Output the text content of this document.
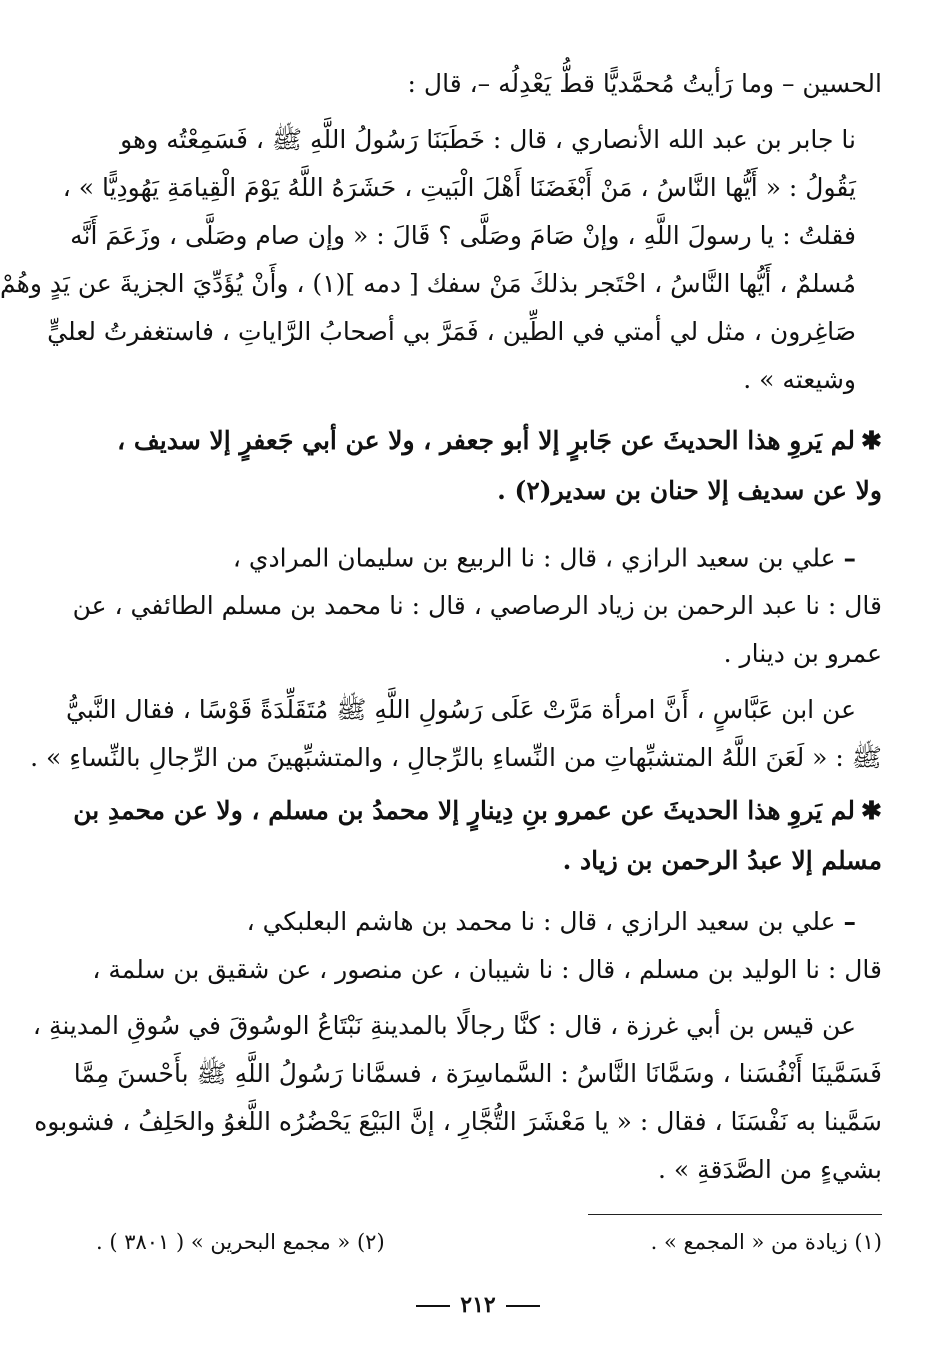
الحسين – وما رَأيتُ مُحمَّديًّا قطُّ يَعْدِلُه –، قال :

نا جابر بن عبد الله الأنصاري ، قال : خَطَبَنَا رَسُولُ اللَّهِ ﷺ ، فَسَمِعْتُه وهو
يَقُولُ : « أَيُّها النَّاسُ ، مَنْ أَبْغَضَنَا أَهْلَ الْبَيتِ ، حَشَرَهُ اللَّهُ يَوْمَ الْقِيامَةِ يَهُودِيًّا » ،
فقلتُ : يا رسولَ اللَّهِ ، وإنْ صَامَ وصَلَّى ؟ قَالَ : « وإن صام وصَلَّى ، وزَعَمَ أَنَّه
مُسلمٌ ، أَيُّها النَّاسُ ، احْتَجر بذلكَ مَنْ سفك [ دمه ](١) ، وأَنْ يُؤَدِّيَ الجزيةَ عن يَدٍ وهُمْ
صَاغِرون ، مثل لي أمتي في الطِّين ، فَمَرَّ بي أصحابُ الرَّاياتِ ، فاستغفرتُ لعليٍّ
وشيعته » .

✱لم يَروِ هذا الحديثَ عن جَابرٍ إلا أبو جعفر ، ولا عن أبي جَعفرٍ إلا سديف ،
ولا عن سديف إلا حنان بن سدير(٢) .

– علي بن سعيد الرازي ، قال : نا الربيع بن سليمان المرادي ،
قال : نا عبد الرحمن بن زياد الرصاصي ، قال : نا محمد بن مسلم الطائفي ، عن
عمرو بن دينار .

عن ابن عَبَّاسٍ ، أَنَّ امرأة مَرَّتْ عَلَى رَسُولِ اللَّهِ ﷺ مُتَقَلِّدَةً قَوْسًا ، فقال النَّبيُّ
ﷺ : « لَعَنَ اللَّهُ المتشبِّهاتِ من النِّساءِ بالرِّجالِ ، والمتشبِّهينَ من الرِّجالِ بالنِّساءِ » .

✱لم يَروِ هذا الحديثَ عن عمرو بنِ دِينارٍ إلا محمدُ بن مسلم ، ولا عن محمدِ بن
مسلم إلا عبدُ الرحمن بن زياد .

– علي بن سعيد الرازي ، قال : نا محمد بن هاشم البعلبكي ،
قال : نا الوليد بن مسلم ، قال : نا شيبان ، عن منصور ، عن شقيق بن سلمة ،

عن قيس بن أبي غرزة ، قال : كنَّا رجالًا بالمدينةِ نَبْتَاعُ الوسُوقَ في سُوقِ المدينةِ ،
فَسَمَّينَا أَنْفُسَنا ، وسَمَّانَا النَّاسُ : السَّماسِرَة ، فسمَّانا رَسُولُ اللَّهِ ﷺ بأَحْسنَ مِمَّا
سَمَّينا به نَفْسَنَا ، فقال : « يا مَعْشَرَ التُّجَّارِ ، إنَّ البَيْعَ يَحْضُرُه اللَّغوُ والحَلِفُ ، فشوبوه
بشيءٍ من الصَّدَقةِ » .

(١) زيادة من « المجمع » .
(٢) « مجمع البحرين » ( ٣٨٠١ ) .
٢١٢
